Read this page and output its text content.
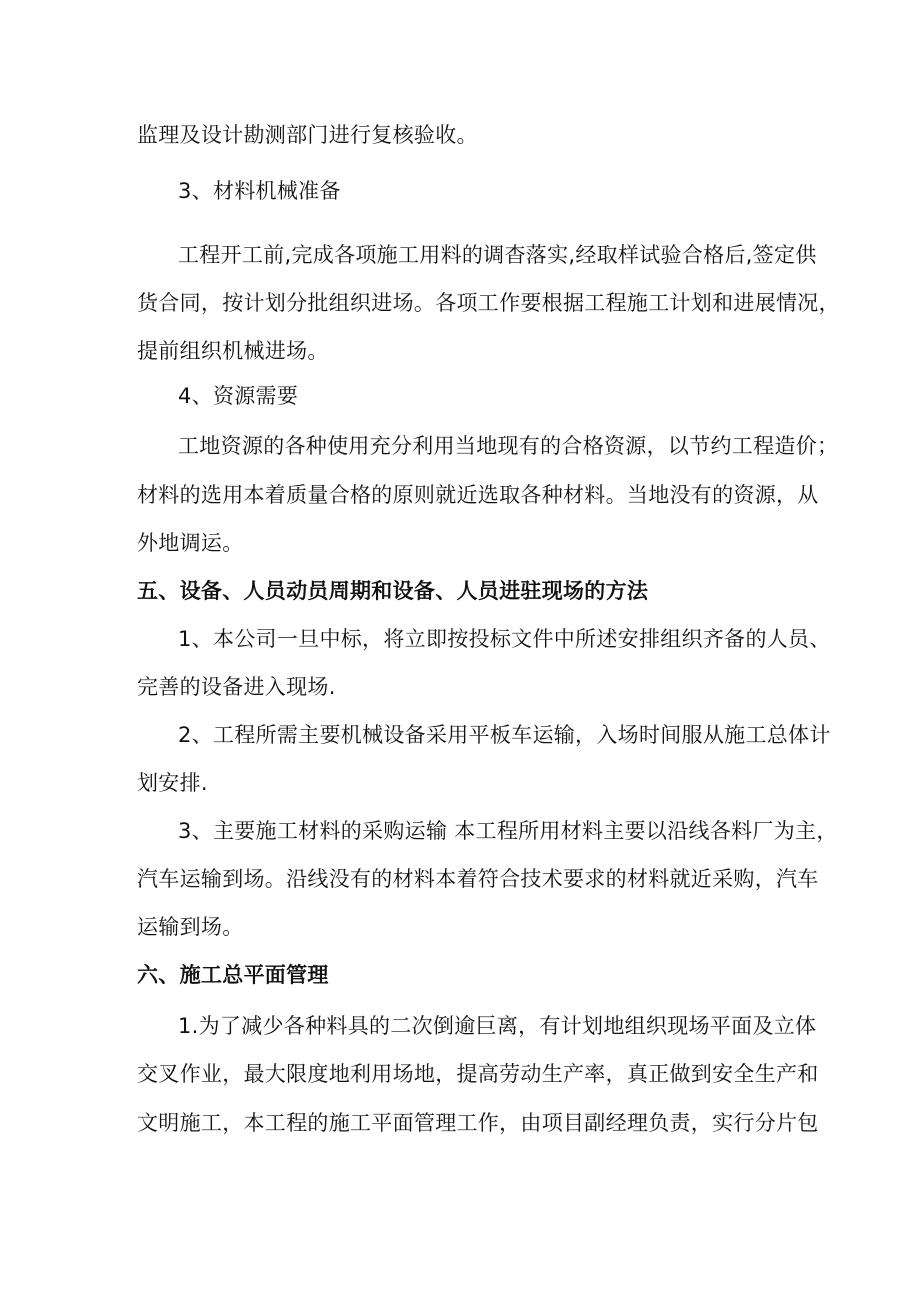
监理及设计勘测部门进行复核验收。
3、材料机械准备
工程开工前,完成各项施工用料的调杳落实,经取样试验合格后,签定供
货合同，按计划分批组织进场。各项工作要根据工程施工计划和进展情况，
提前组织机械进场。
4、资源需要
工地资源的各种使用充分利用当地现有的合格资源，以节约工程造价；
材料的选用本着质量合格的原则就近选取各种材料。当地没有的资源，从
外地调运。
五、设备、人员动员周期和设备、人员进驻现场的方法
1、本公司一旦中标，将立即按投标文件中所述安排组织齐备的人员、
完善的设备进入现场.
2、工程所需主要机械设备采用平板车运输，入场时间服从施工总体计
划安排.
3、主要施工材料的采购运输 本工程所用材料主要以沿线各料厂为主，
汽车运输到场。沿线没有的材料本着符合技术要求的材料就近采购，汽车
运输到场。
六、施工总平面管理
1.为了减少各种料具的二次倒逾巨离，有计划地组织现场平面及立体
交叉作业，最大限度地利用场地，提高劳动生产率，真正做到安全生产和
文明施工，本工程的施工平面管理工作，由项目副经理负责，实行分片包
